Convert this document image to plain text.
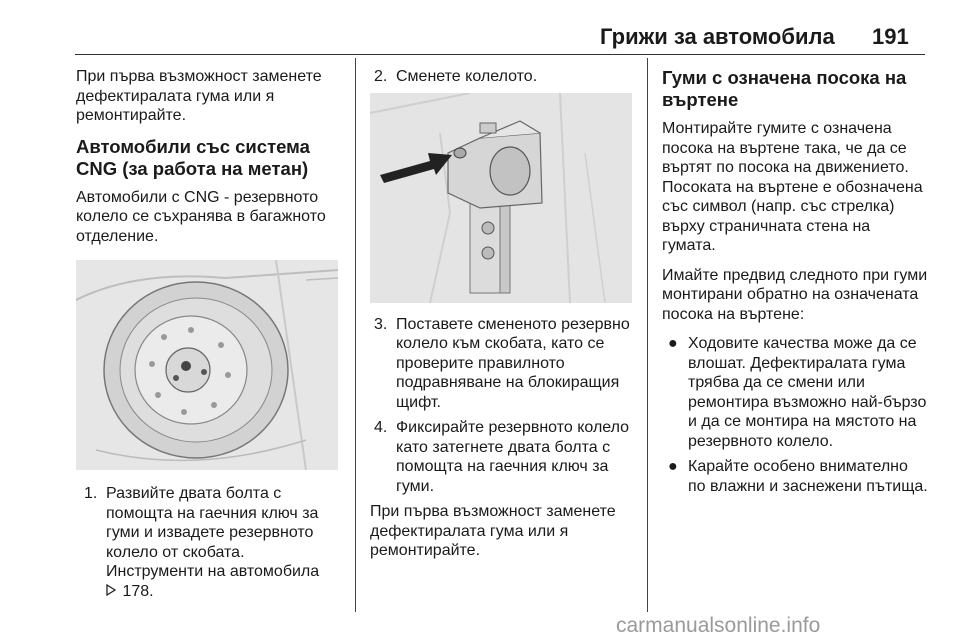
Грижи за автомобила 191

При първа възможност заменете дефектиралата гума или я ремонтирайте.

Автомобили със система CNG (за работа на метан)

Автомобили с CNG - резервното колело се съхранява в багажното отделение.

1. Развийте двата болта с помощта на гаечния ключ за гуми и извадете резервното колело от скобата.
Инструменти на автомобила
178.
2. Сменете колелото.
3. Поставете смененото резервно колело към скобата, като се проверите правилното подравняване на блокиращия щифт.
4. Фиксирайте резервното колело като затегнете двата болта с помощта на гаечния ключ за гуми.

При първа възможност заменете дефектиралата гума или я ремонтирайте.

Гуми с означена посока на въртене

Монтирайте гумите с означена посока на въртене така, че да се въртят по посока на движението. Посоката на въртене е обозначена със символ (напр. със стрелка) върху страничната стена на гумата.

Имайте предвид следното при гуми монтирани обратно на означената посока на въртене:

● Ходовите качества може да се влошат. Дефектиралата гума трябва да се смени или ремонтира възможно най-бързо и да се монтира на мястото на резервното колело.
● Карайте особено внимателно по влажни и заснежени пътища.
carmanualsonline.info
